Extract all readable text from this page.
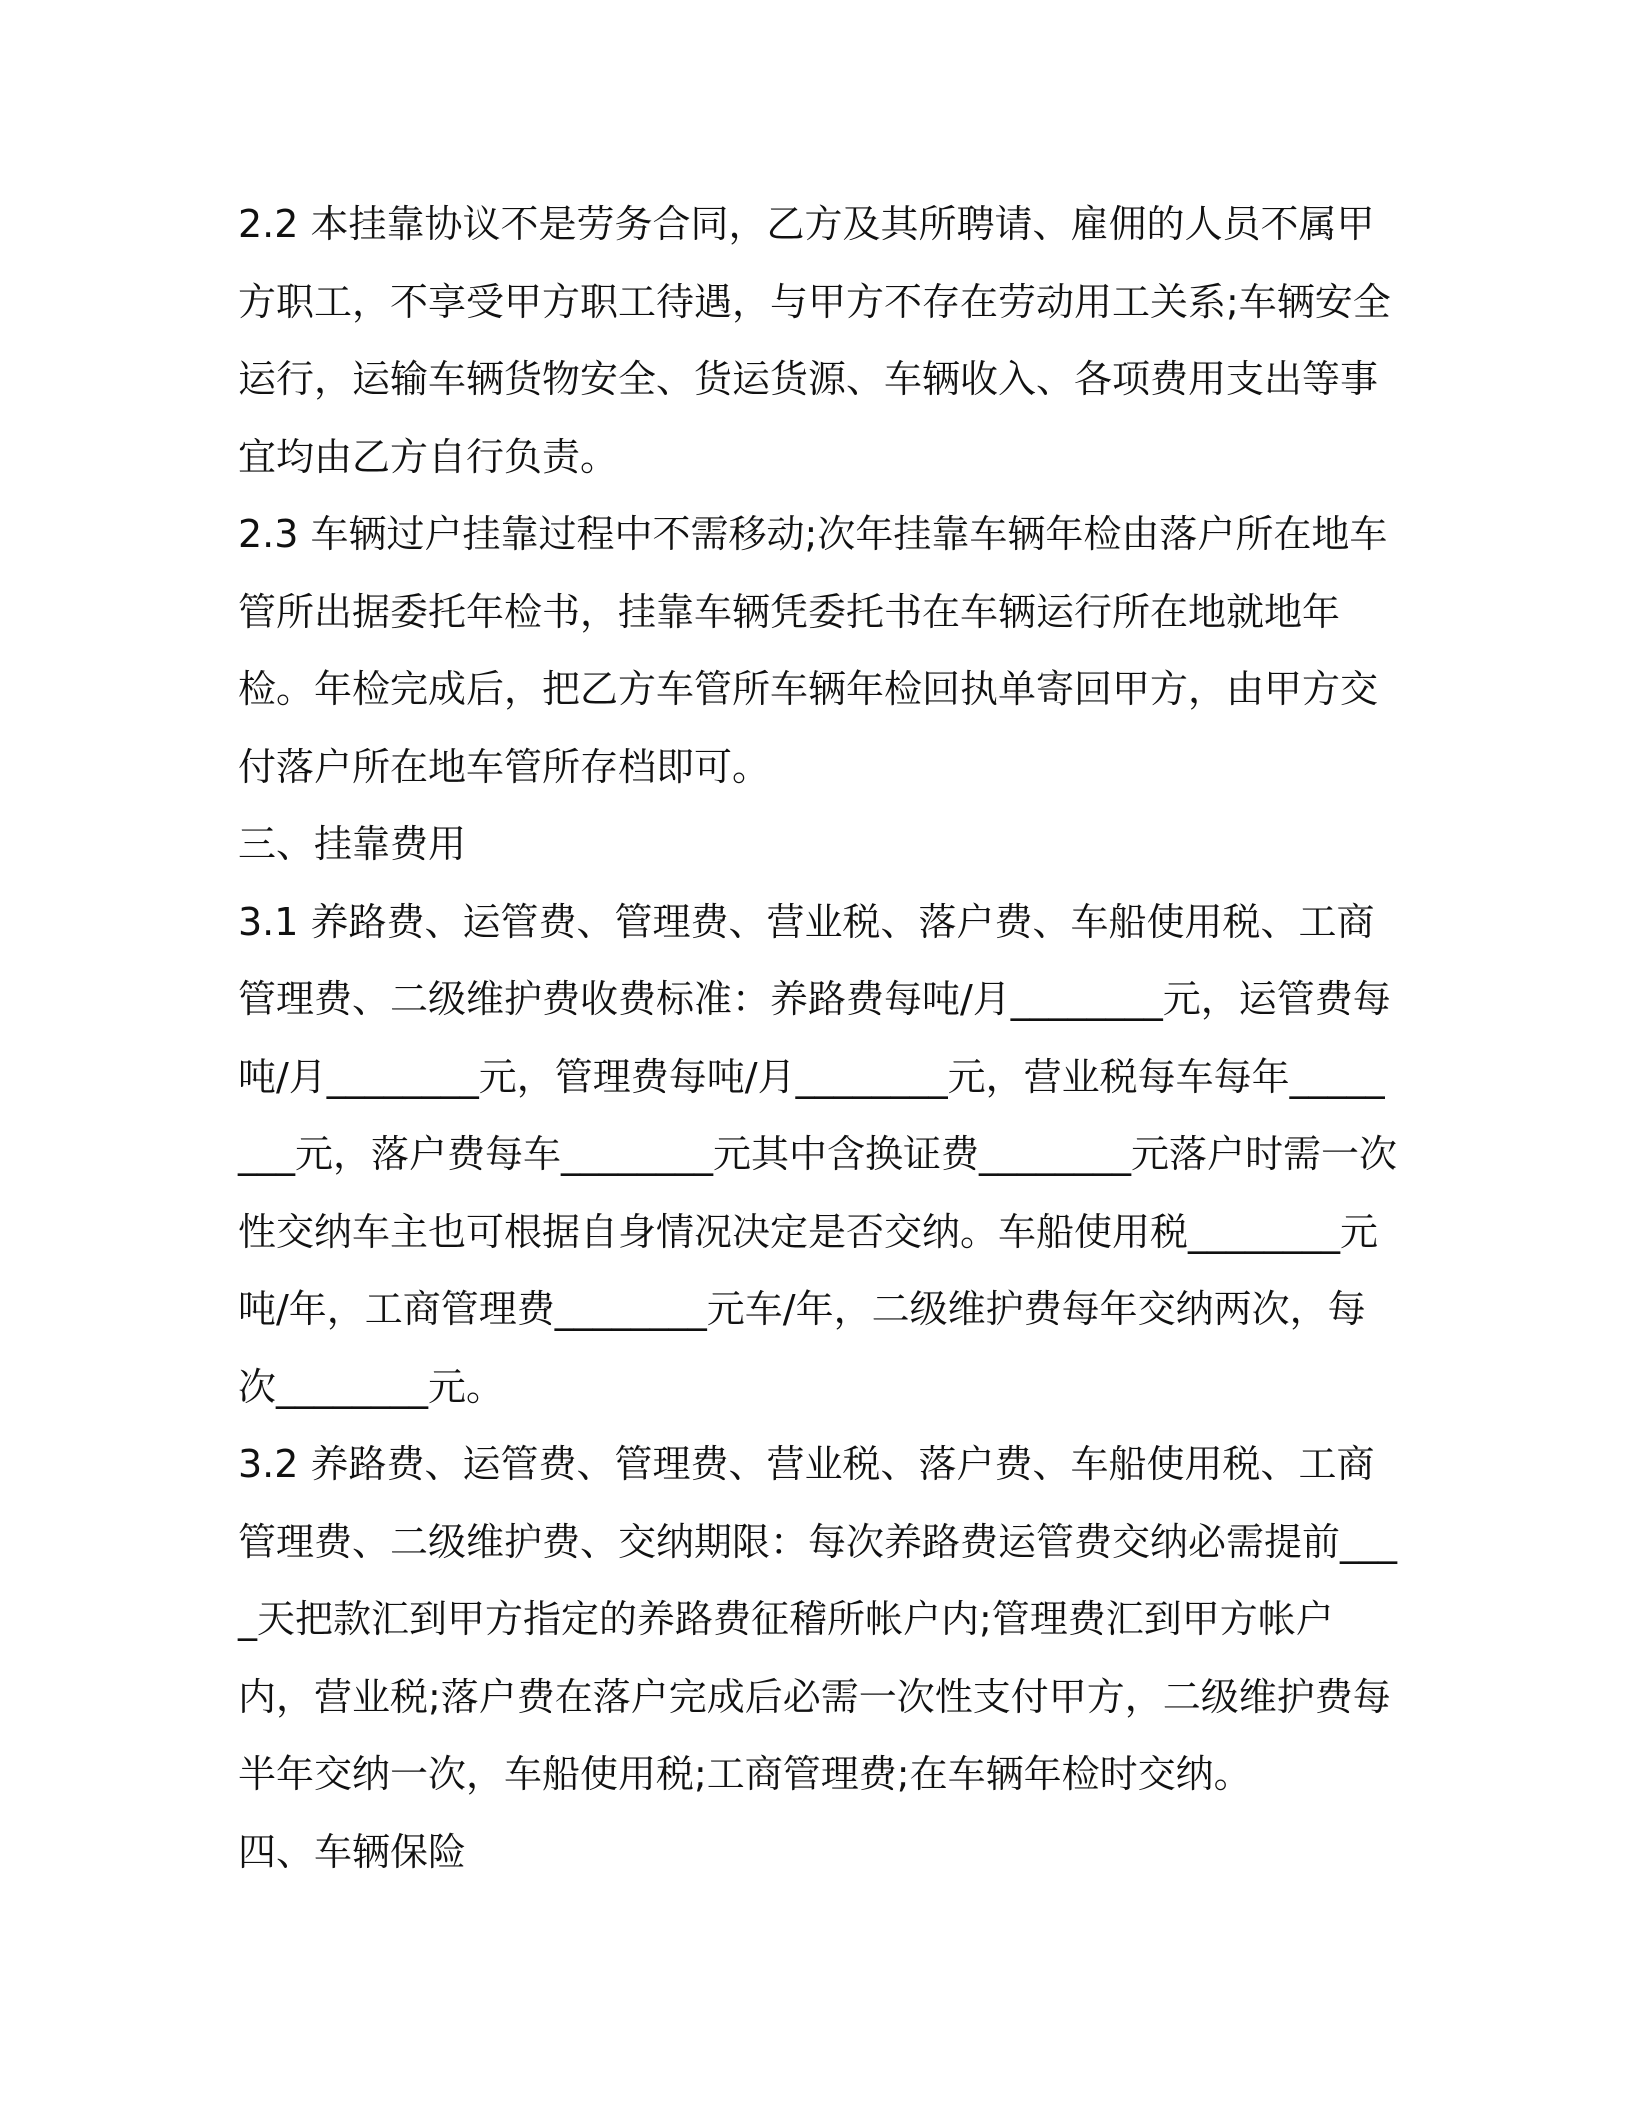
2.2 本挂靠协议不是劳务合同，乙方及其所聘请、雇佣的人员不属甲方职工，不享受甲方职工待遇，与甲方不存在劳动用工关系;车辆安全运行，运输车辆货物安全、货运货源、车辆收入、各项费用支出等事宜均由乙方自行负责。

2.3 车辆过户挂靠过程中不需移动;次年挂靠车辆年检由落户所在地车管所出据委托年检书，挂靠车辆凭委托书在车辆运行所在地就地年检。年检完成后，把乙方车管所车辆年检回执单寄回甲方，由甲方交付落户所在地车管所存档即可。

三、挂靠费用

3.1 养路费、运管费、管理费、营业税、落户费、车船使用税、工商管理费、二级维护费收费标准：养路费每吨/月________元，运管费每吨/月________元，管理费每吨/月________元，营业税每车每年________元，落户费每车________元其中含换证费________元落户时需一次性交纳车主也可根据自身情况决定是否交纳。车船使用税________元吨/年，工商管理费________元车/年，二级维护费每年交纳两次，每次________元。

3.2 养路费、运管费、管理费、营业税、落户费、车船使用税、工商管理费、二级维护费、交纳期限：每次养路费运管费交纳必需提前____天把款汇到甲方指定的养路费征稽所帐户内;管理费汇到甲方帐户内，营业税;落户费在落户完成后必需一次性支付甲方，二级维护费每半年交纳一次，车船使用税;工商管理费;在车辆年检时交纳。

四、车辆保险
